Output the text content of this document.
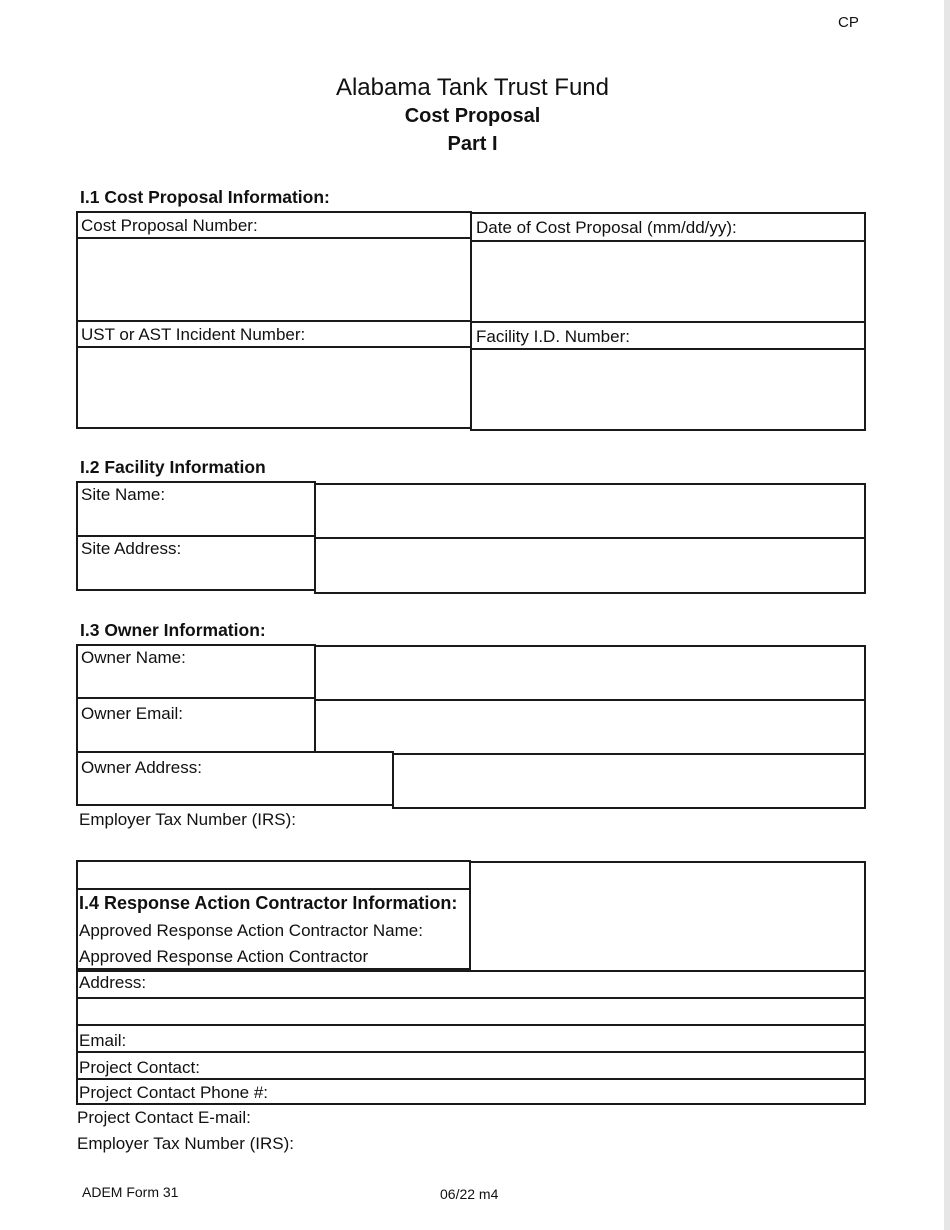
CP
Alabama Tank Trust Fund
Cost Proposal
Part I
I.1 Cost Proposal Information:
Cost Proposal Number:	Date of Cost Proposal (mm/dd/yy):
UST or AST Incident Number:	Facility I.D. Number:
I.2 Facility Information
Site Name:
Site Address:
I.3 Owner Information:
Owner Name:
Owner Email:
Owner Address:
Employer Tax Number (IRS):
I.4 Response Action Contractor Information:
Approved Response Action Contractor Name:
Approved Response Action Contractor
Address:
Email:
Project Contact:
Project Contact Phone #:
Project Contact E-mail:
Employer Tax Number (IRS):
ADEM Form 31	06/22 m4
